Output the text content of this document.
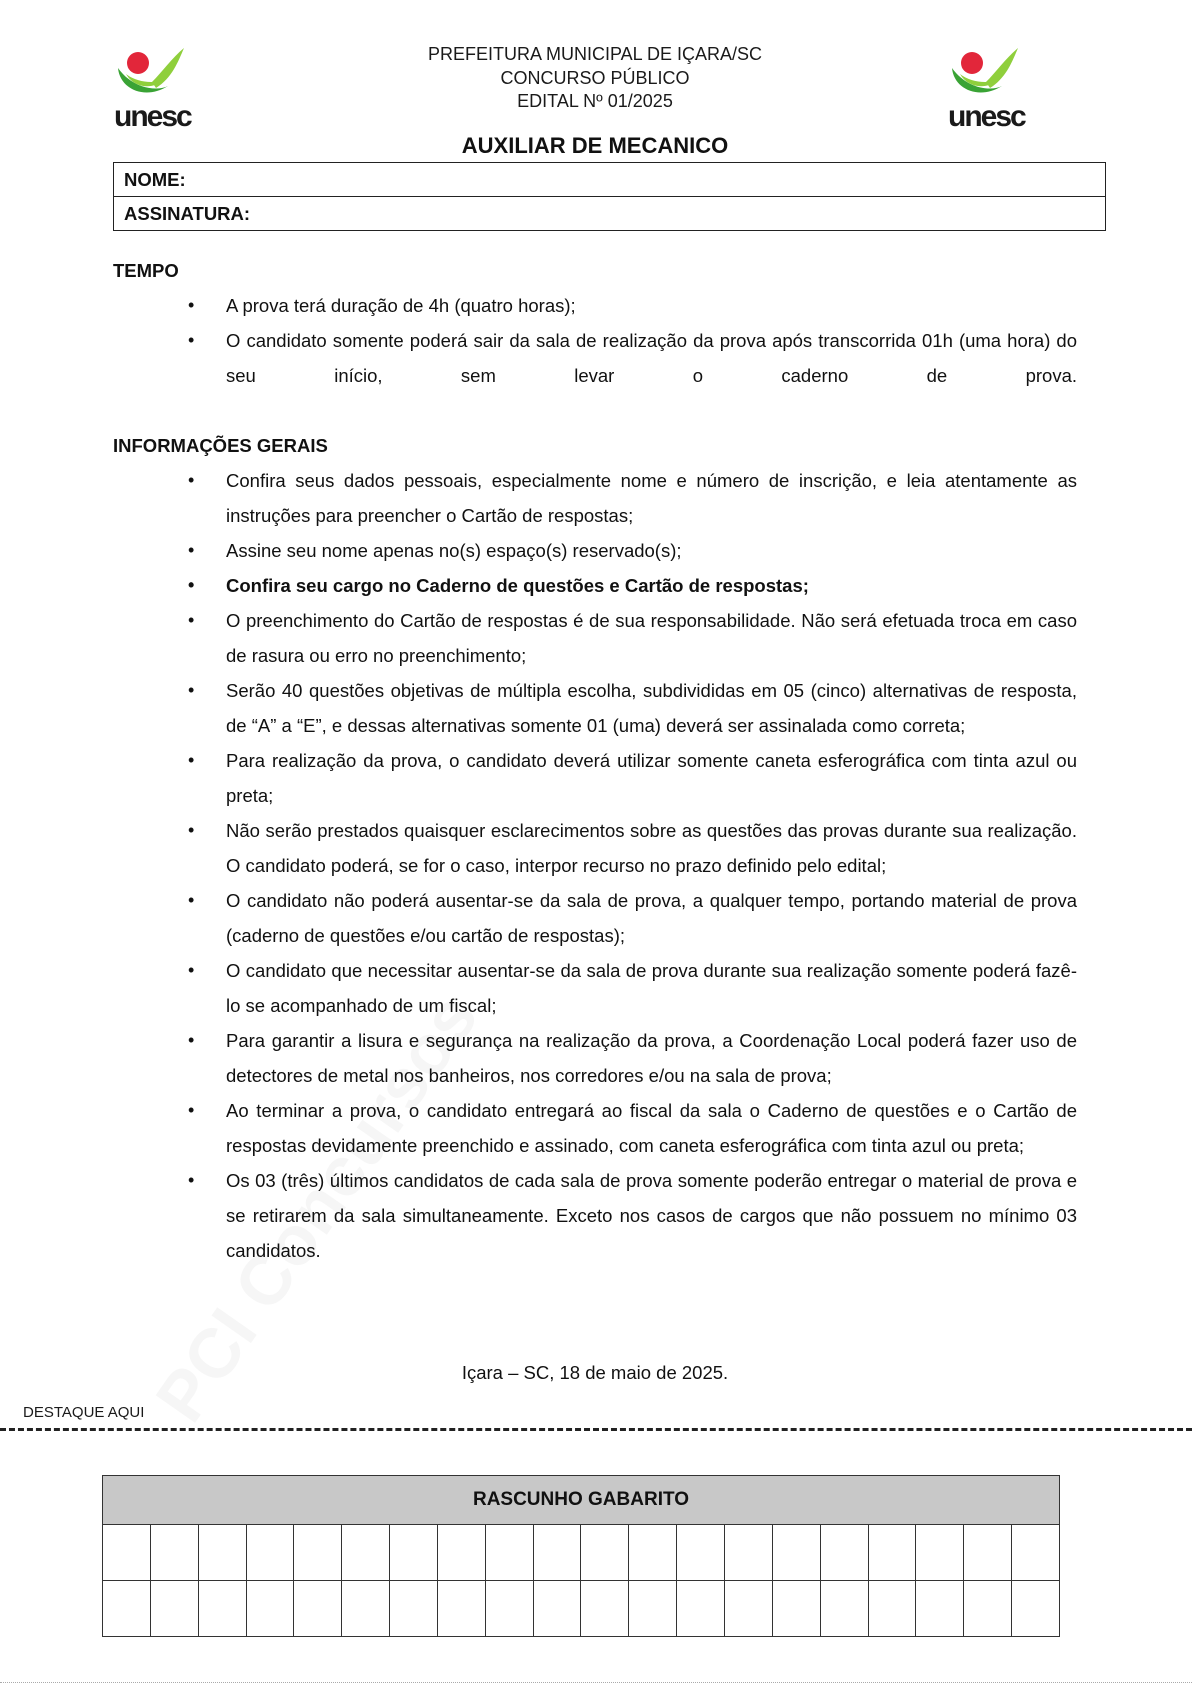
unesc	unesc
PREFEITURA MUNICIPAL DE IÇARA/SC
CONCURSO PÚBLICO
EDITAL Nº 01/2025
AUXILIAR DE MECANICO
NOME:
ASSINATURA:
TEMPO
• A prova terá duração de 4h (quatro horas);
• O candidato somente poderá sair da sala de realização da prova após transcorrida 01h (uma hora) do seu início, sem levar o caderno de prova.
INFORMAÇÕES GERAIS
• Confira seus dados pessoais, especialmente nome e número de inscrição, e leia atentamente as instruções para preencher o Cartão de respostas;
• Assine seu nome apenas no(s) espaço(s) reservado(s);
• Confira seu cargo no Caderno de questões e Cartão de respostas;
• O preenchimento do Cartão de respostas é de sua responsabilidade. Não será efetuada troca em caso de rasura ou erro no preenchimento;
• Serão 40 questões objetivas de múltipla escolha, subdivididas em 05 (cinco) alternativas de resposta, de “A” a “E”, e dessas alternativas somente 01 (uma) deverá ser assinalada como correta;
• Para realização da prova, o candidato deverá utilizar somente caneta esferográfica com tinta azul ou preta;
• Não serão prestados quaisquer esclarecimentos sobre as questões das provas durante sua realização. O candidato poderá, se for o caso, interpor recurso no prazo definido pelo edital;
• O candidato não poderá ausentar-se da sala de prova, a qualquer tempo, portando material de prova (caderno de questões e/ou cartão de respostas);
• O candidato que necessitar ausentar-se da sala de prova durante sua realização somente poderá fazê-lo se acompanhado de um fiscal;
• Para garantir a lisura e segurança na realização da prova, a Coordenação Local poderá fazer uso de detectores de metal nos banheiros, nos corredores e/ou na sala de prova;
• Ao terminar a prova, o candidato entregará ao fiscal da sala o Caderno de questões e o Cartão de respostas devidamente preenchido e assinado, com caneta esferográfica com tinta azul ou preta;
• Os 03 (três) últimos candidatos de cada sala de prova somente poderão entregar o material de prova e se retirarem da sala simultaneamente. Exceto nos casos de cargos que não possuem no mínimo 03 candidatos.
Içara – SC, 18 de maio de 2025.
DESTAQUE AQUI
RASCUNHO GABARITO																			
